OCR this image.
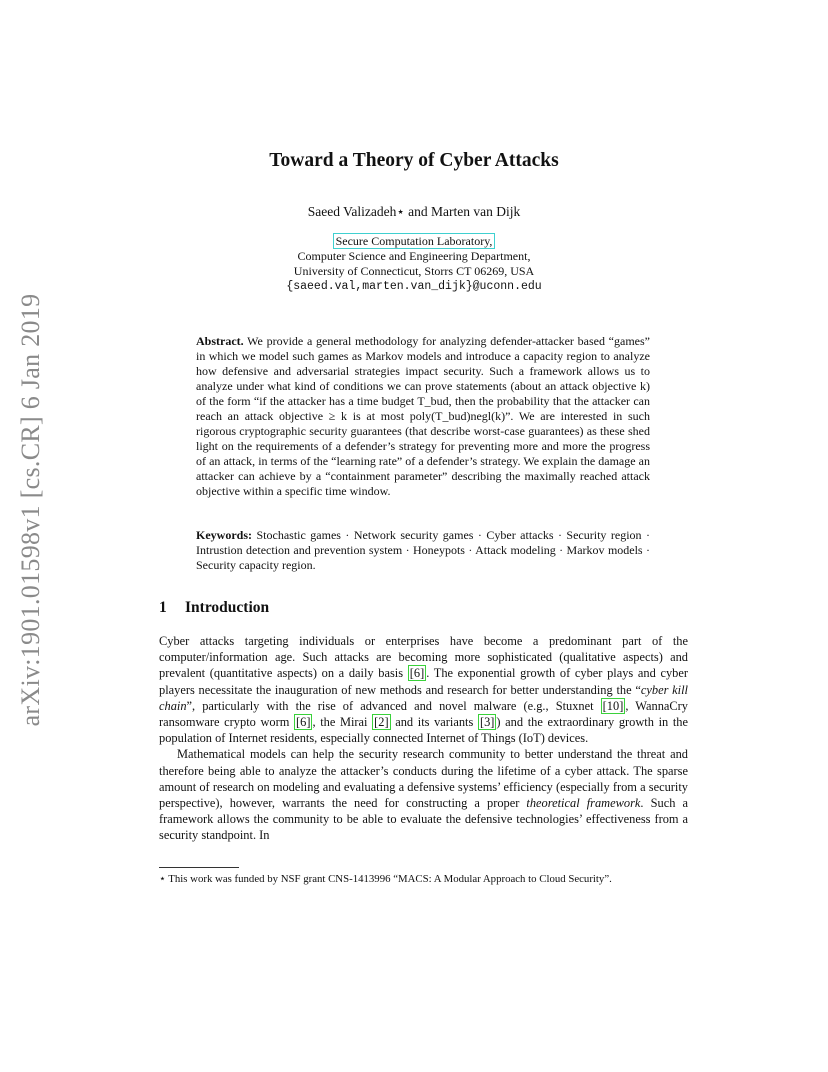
arXiv:1901.01598v1 [cs.CR] 6 Jan 2019
Toward a Theory of Cyber Attacks
Saeed Valizadeh⋆ and Marten van Dijk
Secure Computation Laboratory,
Computer Science and Engineering Department,
University of Connecticut, Storrs CT 06269, USA
{saeed.val,marten.van_dijk}@uconn.edu
Abstract. We provide a general methodology for analyzing defender-attacker based “games” in which we model such games as Markov models and introduce a capacity region to analyze how defensive and adversarial strategies impact security. Such a framework allows us to analyze under what kind of conditions we can prove statements (about an attack objective k) of the form “if the attacker has a time budget T_bud, then the probability that the attacker can reach an attack objective ≥ k is at most poly(T_bud)negl(k)”. We are interested in such rigorous cryptographic security guarantees (that describe worst-case guarantees) as these shed light on the requirements of a defender’s strategy for preventing more and more the progress of an attack, in terms of the “learning rate” of a defender’s strategy. We explain the damage an attacker can achieve by a “containment parameter” describing the maximally reached attack objective within a specific time window.
Keywords: Stochastic games · Network security games · Cyber attacks · Security region · Intrustion detection and prevention system · Honeypots · Attack modeling · Markov models · Security capacity region.
1 Introduction

Cyber attacks targeting individuals or enterprises have become a predominant part of the computer/information age. Such attacks are becoming more sophisticated (qualitative aspects) and prevalent (quantitative aspects) on a daily basis [6] . The exponential growth of cyber plays and cyber players necessitate the inauguration of new methods and research for better understanding the “cyber kill chain”, particularly with the rise of advanced and novel malware (e.g., Stuxnet [10] , WannaCry ransomware crypto worm [6] , the Mirai [2] and its variants [3] ) and the extraordinary growth in the population of Internet residents, especially connected Internet of Things (IoT) devices.

Mathematical models can help the security research community to better understand the threat and therefore being able to analyze the attacker’s conducts during the lifetime of a cyber attack. The sparse amount of research on modeling and evaluating a defensive systems’ efficiency (especially from a security perspective), however, warrants the need for constructing a proper theoretical framework. Such a framework allows the community to be able to evaluate the defensive technologies’ effectiveness from a security standpoint. In

⋆ This work was funded by NSF grant CNS-1413996 “MACS: A Modular Approach to Cloud Security”.
